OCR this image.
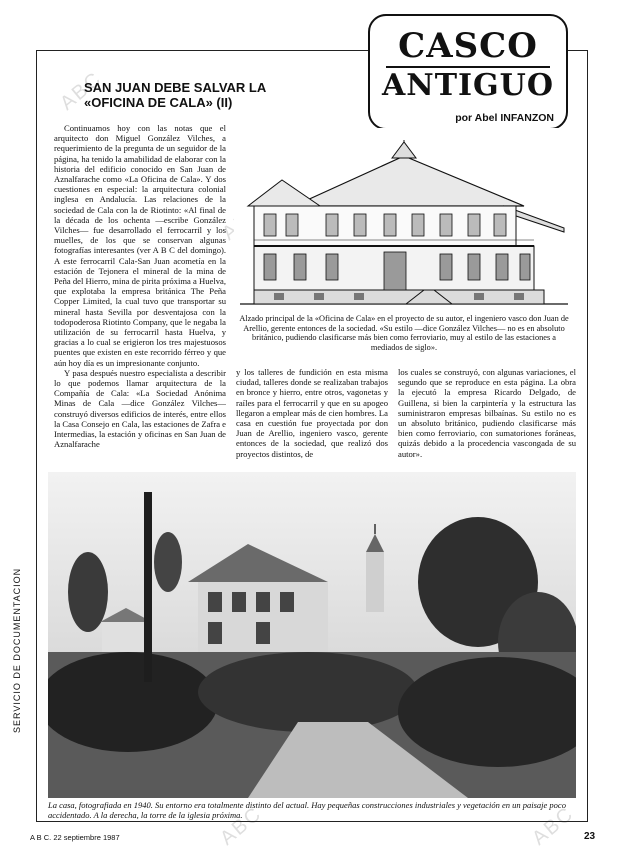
ABC
ABC	ABC
CASCO
ANTIGUO
por Abel INFANZON
SAN JUAN DEBE SALVAR LA «OFICINA DE CALA» (II)

Continuamos hoy con las notas que el arquitecto don Miguel González Vilches, a requerimiento de la pregunta de un seguidor de la página, ha tenido la amabilidad de elaborar con la historia del edificio conocido en San Juan de Aznalfarache como «La Oficina de Cala». Y dos cuestiones en especial: la arquitectura colonial inglesa en Andalucía. Las relaciones de la sociedad de Cala con la de Riotinto: «Al final de la década de los ochenta —escribe González Vilches— fue desarrollado el ferrocarril y los muelles, de los que se conservan algunas fotografías interesantes (ver A B C del domingo). A este ferrocarril Cala-San Juan acometía en la estación de Tejonera el mineral de la mina de Peña del Hierro, mina de pirita próxima a Huelva, que explotaba la empresa británica The Peña Copper Limited, la cual tuvo que transportar su mineral hasta Sevilla por desventajosa con la todopoderosa Riotinto Company, que le negaba la utilización de su ferrocarril hasta Huelva, y gracias a lo cual se erigieron los tres majestuosos puentes que existen en este recorrido férreo y que aún hoy día es un impresionante conjunto.

Y pasa después nuestro especialista a describir lo que podemos llamar arquitectura de la Compañía de Cala: «La Sociedad Anónima Minas de Cala —dice González Vilches— construyó diversos edificios de interés, entre ellos la Casa Consejo en Cala, las estaciones de Zafra e Intermedias, la estación y oficinas en San Juan de Aznalfarache

Alzado principal de la «Oficina de Cala» en el proyecto de su autor, el ingeniero vasco don Juan de Arellio, gerente entonces de la sociedad. «Su estilo —dice González Vilches— no es en absoluto británico, pudiendo clasificarse más bien como ferroviario, muy al estilo de las estaciones a mediados de siglo».

y los talleres de fundición en esta misma ciudad, talleres donde se realizaban trabajos en bronce y hierro, entre otros, vagonetas y raíles para el ferrocarril y que en su apogeo llegaron a emplear más de cien hombres. La casa en cuestión fue proyectada por don Juan de Arellio, ingeniero vasco, gerente entonces de la sociedad, que realizó dos proyectos distintos, de

los cuales se construyó, con algunas variaciones, el segundo que se reproduce en esta página. La obra la ejecutó la empresa Ricardo Delgado, de Guillena, si bien la carpintería y la estructura las suministraron empresas bilbaínas. Su estilo no es un absoluto británico, pudiendo clasificarse más bien como ferroviario, con sumatoriones foráneas, quizás debido a la procedencia vascongada de su autor».

La casa, fotografiada en 1940. Su entorno era totalmente distinto del actual. Hay pequeñas construcciones industriales y vegetación en un paisaje poco accidentado. A la derecha, la torre de la iglesia próxima.
SERVICIO DE DOCUMENTACION
A B C. 22 septiembre 1987	23
